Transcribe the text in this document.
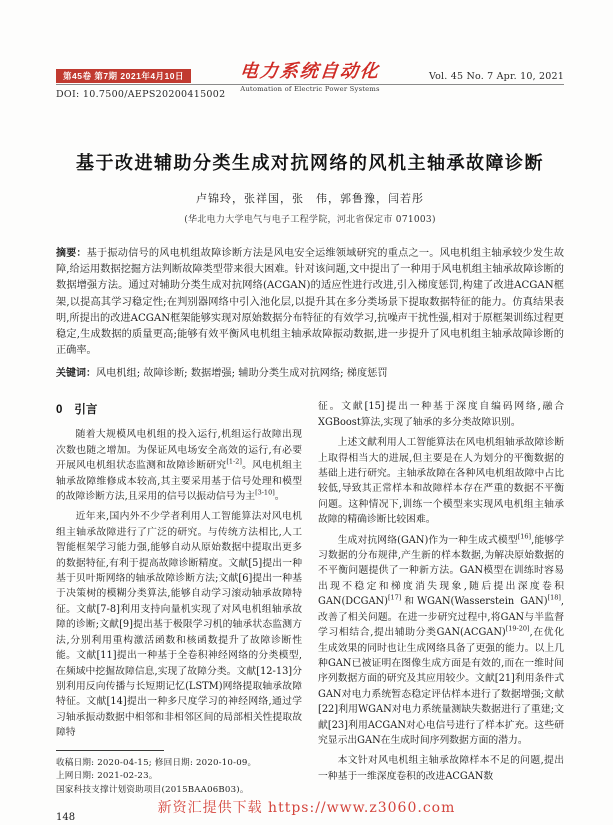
第45卷 第7期 2021年4月10日
DOI: 10.7500/AEPS20200415002
电力系统自动化
Automation of Electric Power Systems
Vol. 45 No. 7 Apr. 10, 2021
基于改进辅助分类生成对抗网络的风机主轴承故障诊断
卢锦玲，张祥国，张　伟，郭鲁豫，闫若彤
(华北电力大学电气与电子工程学院，河北省保定市 071003)
摘要：基于振动信号的风电机组故障诊断方法是风电安全运维领域研究的重点之一。风电机组主轴承较少发生故障,给运用数据挖掘方法判断故障类型带来很大困难。针对该问题,文中提出了一种用于风电机组主轴承故障诊断的数据增强方法。通过对辅助分类生成对抗网络(ACGAN)的适应性进行改进,引入梯度惩罚,构建了改进ACGAN框架,以提高其学习稳定性;在判别器网络中引入池化层,以提升其在多分类场景下提取数据特征的能力。仿真结果表明,所提出的改进ACGAN框架能够实现对原始数据分布特征的有效学习,抗噪声干扰性强,相对于原框架训练过程更稳定,生成数据的质量更高;能够有效平衡风电机组主轴承故障振动数据,进一步提升了风电机组主轴承故障诊断的正确率。
关键词：风电机组; 故障诊断; 数据增强; 辅助分类生成对抗网络; 梯度惩罚
0 引言

随着大规模风电机组的投入运行,机组运行故障出现次数也随之增加。为保证风电场安全高效的运行,有必要开展风电机组状态监测和故障诊断研究[1-2]。风电机组主轴承故障维修成本较高,其主要采用基于信号处理和模型的故障诊断方法,且采用的信号以振动信号为主[3-10]。

近年来,国内外不少学者利用人工智能算法对风电机组主轴承故障进行了广泛的研究。与传统方法相比,人工智能框架学习能力强,能够自动从原始数据中提取出更多的数据特征,有利于提高故障诊断精度。文献[5]提出一种基于贝叶斯网络的轴承故障诊断方法;文献[6]提出一种基于决策树的模糊分类算法,能够自动学习滚动轴承故障特征。文献[7-8]利用支持向量机实现了对风电机组轴承故障的诊断;文献[9]提出基于极限学习机的轴承状态监测方法,分别利用重构激活函数和核函数提升了故障诊断性能。文献[11]提出一种基于全卷积神经网络的分类模型,在频域中挖掘故障信息,实现了故障分类。文献[12-13]分别利用反向传播与长短期记忆(LSTM)网络提取轴承故障特征。文献[14]提出一种多尺度学习的神经网络,通过学习轴承振动数据中相邻和非相邻区间的局部相关性提取故障特

收稿日期: 2020-04-15; 修回日期: 2020-10-09。
上网日期: 2021-02-23。
国家科技支撑计划资助项目(2015BAA06B03)。
148

征。文献[15]提出一种基于深度自编码网络,融合XGBoost算法,实现了轴承的多分类故障识别。

上述文献利用人工智能算法在风电机组轴承故障诊断上取得相当大的进展,但主要是在人为划分的平衡数据的基础上进行研究。主轴承故障在各种风电机组故障中占比较低,导致其正常样本和故障样本存在严重的数据不平衡问题。这种情况下,训练一个模型来实现风电机组主轴承故障的精确诊断比较困难。

生成对抗网络(GAN)作为一种生成式模型[16],能够学习数据的分布规律,产生新的样本数据,为解决原始数据的不平衡问题提供了一种新方法。GAN模型在训练时容易出现不稳定和梯度消失现象,随后提出深度卷积GAN(DCGAN)[17]和WGAN(Wasserstein GAN)[18],改善了相关问题。在进一步研究过程中,将GAN与半监督学习相结合,提出辅助分类GAN(ACGAN)[19-20],在优化生成效果的同时也让生成网络具备了更强的能力。以上几种GAN已被证明在图像生成方面是有效的,而在一维时间序列数据方面的研究及其应用较少。文献[21]利用条件式GAN对电力系统暂态稳定评估样本进行了数据增强;文献[22]利用WGAN对电力系统量测缺失数据进行了重建;文献[23]利用ACGAN对心电信号进行了样本扩充。这些研究显示出GAN在生成时间序列数据方面的潜力。

本文针对风电机组主轴承故障样本不足的问题,提出一种基于一维深度卷积的改进ACGAN数

新资汇提供下载 https://www.z3060.com
